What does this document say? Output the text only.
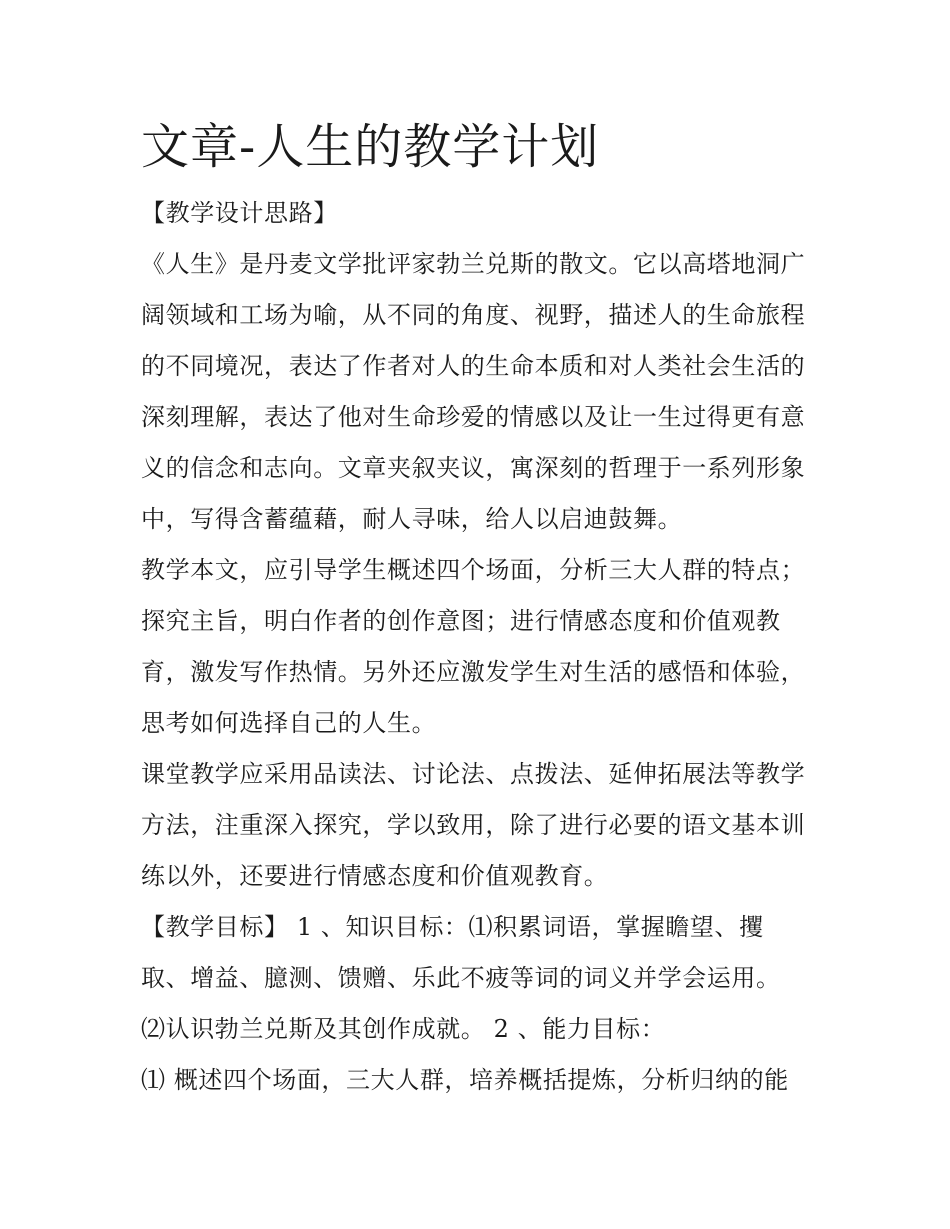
文章-人生的教学计划
【教学设计思路】
《人生》是丹麦文学批评家勃兰兑斯的散文。它以高塔地洞广
阔领域和工场为喻，从不同的角度、视野，描述人的生命旅程
的不同境况，表达了作者对人的生命本质和对人类社会生活的
深刻理解，表达了他对生命珍爱的情感以及让一生过得更有意
义的信念和志向。文章夹叙夹议，寓深刻的哲理于一系列形象
中，写得含蓄蕴藉，耐人寻味，给人以启迪鼓舞。
教学本文，应引导学生概述四个场面，分析三大人群的特点；
探究主旨，明白作者的创作意图；进行情感态度和价值观教
育，激发写作热情。另外还应激发学生对生活的感悟和体验，
思考如何选择自己的人生。
课堂教学应采用品读法、讨论法、点拨法、延伸拓展法等教学
方法，注重深入探究，学以致用，除了进行必要的语文基本训
练以外，还要进行情感态度和价值观教育。
【教学目标】 1 、知识目标：⑴积累词语，掌握瞻望、攫
取、增益、臆测、馈赠、乐此不疲等词的词义并学会运用。
⑵认识勃兰兑斯及其创作成就。 2 、能力目标：
⑴ 概述四个场面，三大人群，培养概括提炼，分析归纳的能
